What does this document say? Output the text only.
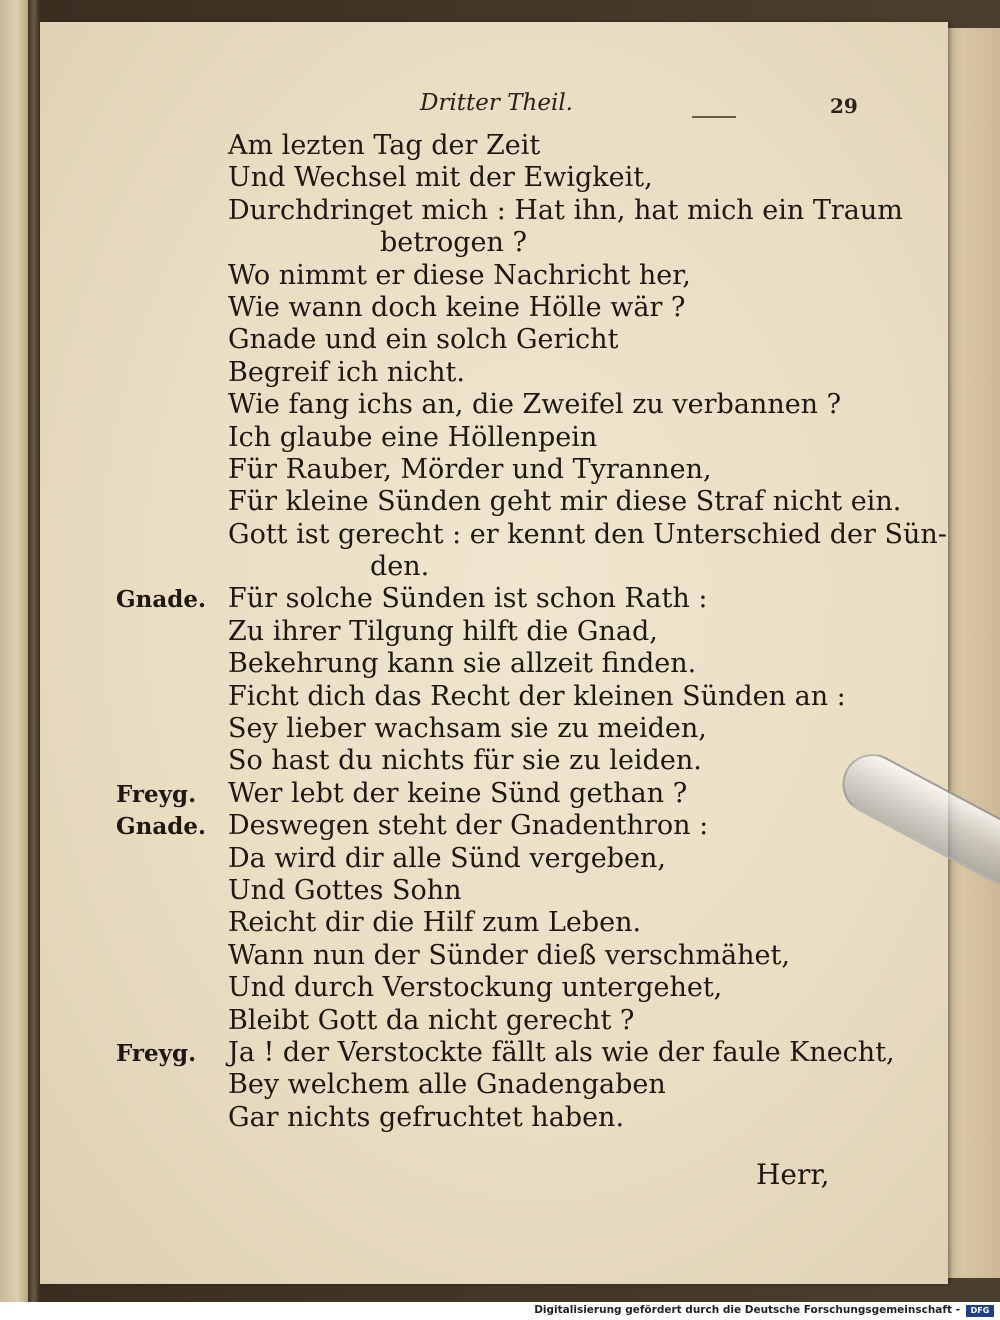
Dritter Theil.	29
Am lezten Tag der Zeit
Und Wechsel mit der Ewigkeit,
Durchdringet mich : Hat ihn, hat mich ein Traum
betrogen ?
Wo nimmt er diese Nachricht her,
Wie wann doch keine Hölle wär ?
Gnade und ein solch Gericht
Begreif ich nicht.
Wie fang ichs an, die Zweifel zu verbannen ?
Ich glaube eine Höllenpein
Für Rauber, Mörder und Tyrannen,
Für kleine Sünden geht mir diese Straf nicht ein.
Gott ist gerecht : er kennt den Unterschied der Sün-
den.
Gnade. Für solche Sünden ist schon Rath :
Zu ihrer Tilgung hilft die Gnad,
Bekehrung kann sie allzeit finden.
Ficht dich das Recht der kleinen Sünden an :
Sey lieber wachsam sie zu meiden,
So hast du nichts für sie zu leiden.
Freyg. Wer lebt der keine Sünd gethan ?
Gnade. Deswegen steht der Gnadenthron :
Da wird dir alle Sünd vergeben,
Und Gottes Sohn
Reicht dir die Hilf zum Leben.
Wann nun der Sünder dieß verschmähet,
Und durch Verstockung untergehet,
Bleibt Gott da nicht gerecht ?
Freyg. Ja ! der Verstockte fällt als wie der faule Knecht,
Bey welchem alle Gnadengaben
Gar nichts gefruchtet haben.
Herr,
Digitalisierung gefördert durch die Deutsche Forschungsgemeinschaft -	DFG
